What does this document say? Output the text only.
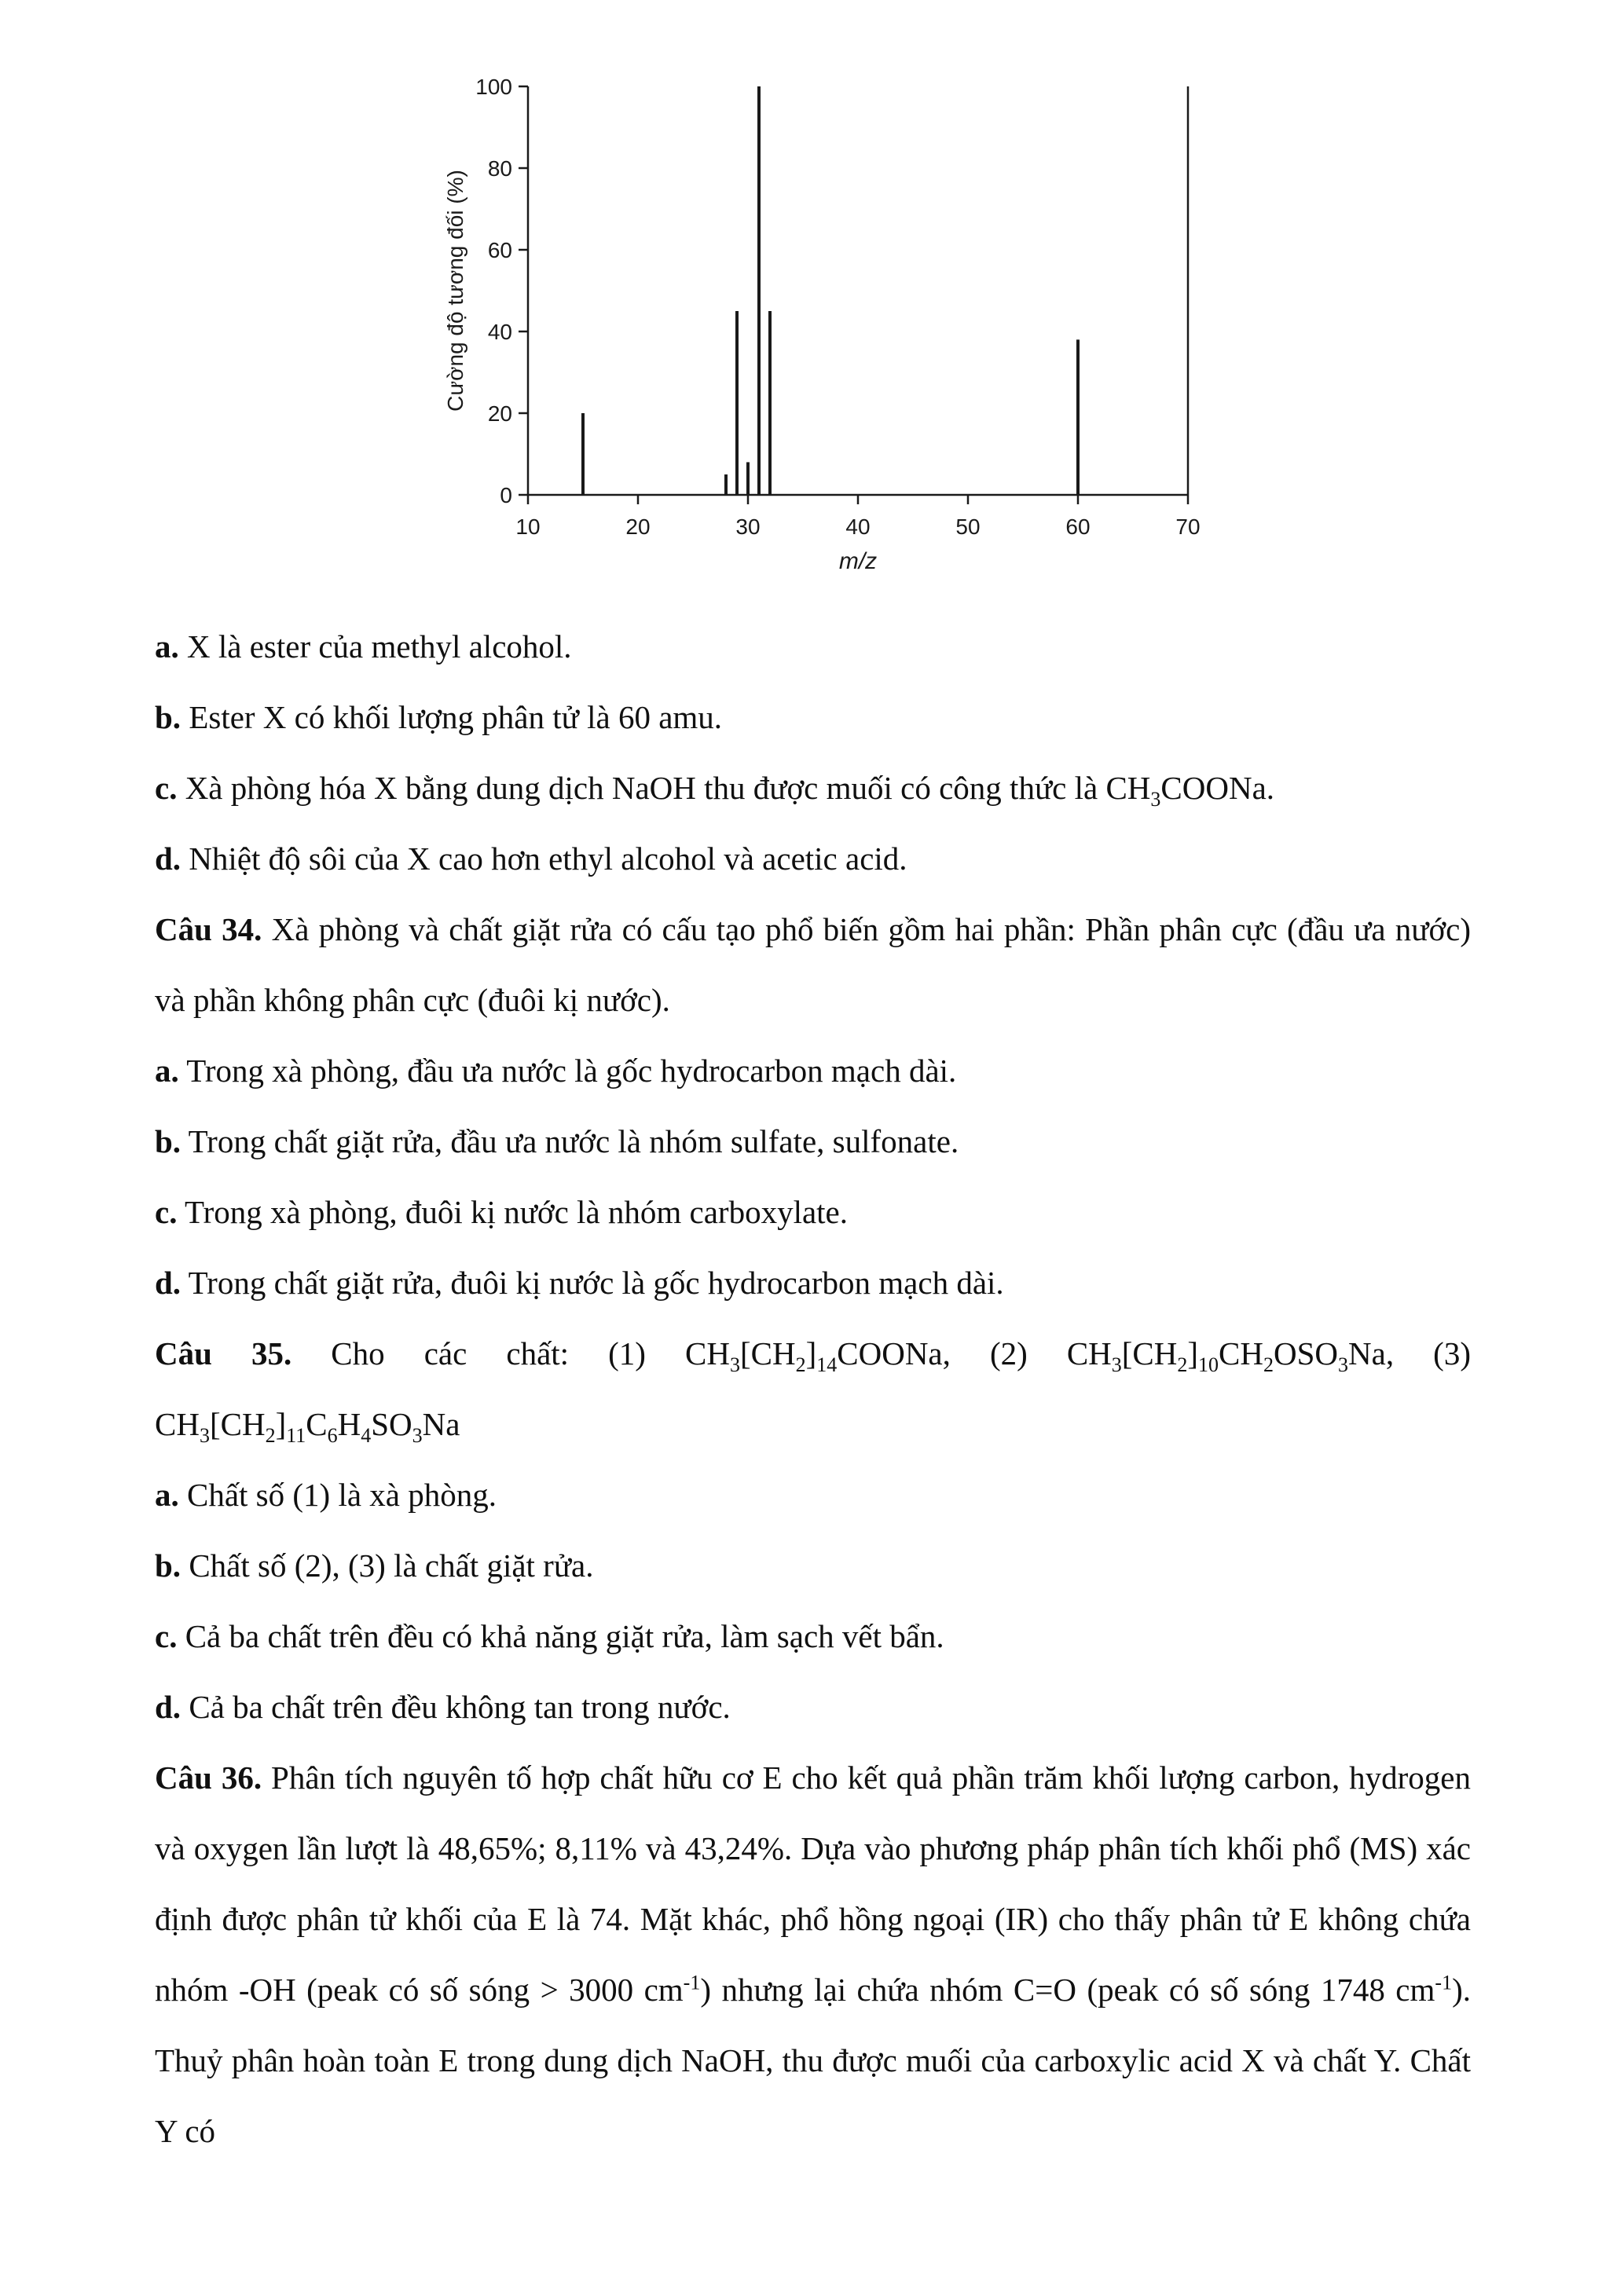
0
20
40
60
80
100
10	20	30	40	50	60	70
Cường độ tương đối (%)
m/z

a. X là ester của methyl alcohol.

b. Ester X có khối lượng phân tử là 60 amu.

c. Xà phòng hóa X bằng dung dịch NaOH thu được muối có công thức là $CH_3COONa$.

d. Nhiệt độ sôi của X cao hơn ethyl alcohol và acetic acid.

Câu 34. Xà phòng và chất giặt rửa có cấu tạo phổ biến gồm hai phần: Phần phân cực (đầu ưa nước) và phần không phân cực (đuôi kị nước).

a. Trong xà phòng, đầu ưa nước là gốc hydrocarbon mạch dài.

b. Trong chất giặt rửa, đầu ưa nước là nhóm sulfate, sulfonate.

c. Trong xà phòng, đuôi kị nước là nhóm carboxylate.

d. Trong chất giặt rửa, đuôi kị nước là gốc hydrocarbon mạch dài.

Câu 35. Cho các chất: (1) $CH_3[CH_2]_{14}COONa$, (2) $CH_3[CH_2]_{10}CH_2OSO_3Na$, (3) $CH_3[CH_2]_{11}C_6H_4SO_3Na$

a. Chất số (1) là xà phòng.

b. Chất số (2), (3) là chất giặt rửa.

c. Cả ba chất trên đều có khả năng giặt rửa, làm sạch vết bẩn.

d. Cả ba chất trên đều không tan trong nước.

Câu 36. Phân tích nguyên tố hợp chất hữu cơ E cho kết quả phần trăm khối lượng carbon, hydrogen và oxygen lần lượt là 48,65%; 8,11% và 43,24%. Dựa vào phương pháp phân tích khối phổ (MS) xác định được phân tử khối của E là 74. Mặt khác, phổ hồng ngoại (IR) cho thấy phân tử E không chứa nhóm -OH (peak có số sóng > 3000 $cm^{-1}$) nhưng lại chứa nhóm C=O (peak có số sóng 1748 $cm^{-1}$). Thuỷ phân hoàn toàn E trong dung dịch NaOH, thu được muối của carboxylic acid X và chất Y. Chất Y có
